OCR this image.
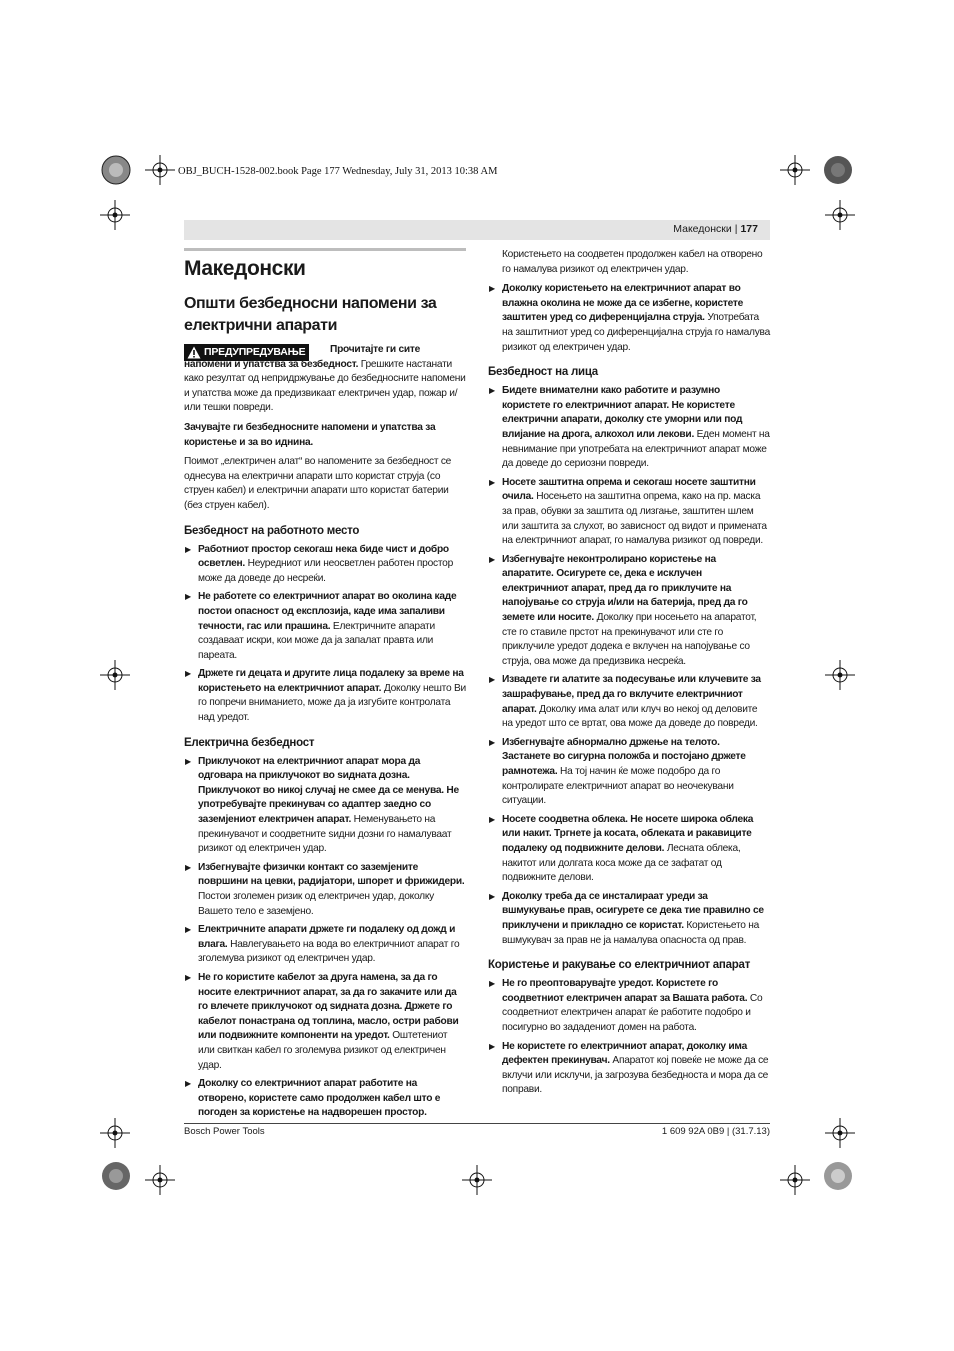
OBJ_BUCH-1528-002.book Page 177 Wednesday, July 31, 2013 10:38 AM
Македонски | 177
Македонски
Општи безбедносни напомени за електрични апарати
ПРЕДУПРЕДУВАЊЕ	Прочитајте ги сите напомени и упатства за безбедност. Грешките настанати како резултат од непридржување до безбедносните напомени и упатства може да предизвикаат електричен удар, пожар и/или тешки повреди.

Зачувајте ги безбедносните напомени и упатства за користење и за во иднина.

Поимот „електричен алат“ во напомените за безбедност се однесува на електрични апарати што користат струја (со струен кабел) и електрични апарати што користат батерии (без струен кабел).

Безбедност на работното место
▶ Работниот простор секогаш нека биде чист и добро осветлен. Неуредниот или неосветлен работен простор може да доведе до несреќи.
▶ Не работете со електричниот апарат во околина каде постои опасност од експлозија, каде има запаливи течности, гас или прашина. Електричните апарати создаваат искри, кои може да ја запалат правта или пареата.
▶ Држете ги децата и другите лица подалеку за време на користењето на електричниот апарат. Доколку нешто Ви го попречи вниманието, може да ја изгубите контролата над уредот.
Електрична безбедност
▶ Приклучокот на електричниот апарат мора да одговара на приклучокот во ѕидната дозна. Приклучокот во никој случај не смее да се менува. Не употребувајте прекинувач со адаптер заедно со заземјениот електричен апарат. Неменувањето на прекинувачот и соодветните ѕидни дозни го намалуваат ризикот од електричен удар.
▶ Избегнувајте физички контакт со заземјените површини на цевки, радијатори, шпорет и фрижидери. Постои зголемен ризик од електричен удар, доколку Вашето тело е заземјено.
▶ Електричните апарати држете ги подалеку од дожд и влага. Навлегувањето на вода во електричниот апарат го зголемува ризикот од електричен удар.
▶ Не го користите кабелот за друга намена, за да го носите електричниот апарат, за да го закачите или да го влечете приклучокот од ѕидната дозна. Држете го кабелот понастрана од топлина, масло, остри рабови или подвижните компоненти на уредот. Оштетениот или свиткан кабел го зголемува ризикот од електричен удар.
▶ Доколку со електричниот апарат работите на отворено, користете само продолжен кабел што е погоден за користење на надворешен простор.

Користењето на соодветен продолжен кабел на отворено го намалува ризикот од електричен удар.

▶ Доколку користењето на електричниот апарат во влажна околина не може да се избегне, користете заштитен уред со диференцијална струја. Употребата на заштитниот уред со диференцијална струја го намалува ризикот од електричен удар.
Безбедност на лица
▶ Бидете внимателни како работите и разумно користете го електричниот апарат. Не користете електрични апарати, доколку сте уморни или под влијание на дрога, алкохол или лекови. Еден момент на невнимание при употребата на електричниот апарат може да доведе до сериозни повреди.
▶ Носете заштитна опрема и секогаш носете заштитни очила. Носењето на заштитна опрема, како на пр. маска за прав, обувки за заштита од лизгање, заштитен шлем или заштита за слухот, во зависност од видот и примената на електричниот апарат, го намалува ризикот од повреди.
▶ Избегнувајте неконтролирано користење на апаратите. Осигурете се, дека е исклучен електричниот апарат, пред да го приклучите на напојување со струја и/или на батерија, пред да го земете или носите. Доколку при носењето на апаратот, сте го ставиле прстот на прекинувачот или сте го приклучиле уредот додека е вклучен на напојување со струја, ова може да предизвика несреќа.
▶ Извадете ги алатите за подесување или клучевите за зашрафување, пред да го вклучите електричниот апарат. Доколку има алат или клуч во некој од деловите на уредот што се вртат, ова може да доведе до повреди.
▶ Избегнувајте абнормално држење на телото. Застанете во сигурна положба и постојано држете рамнотежа. На тој начин ќе може подобро да го контролирате електричниот апарат во неочекувани ситуации.
▶ Носете соодветна облека. Не носете широка облека или накит. Тргнете ја косата, облеката и ракавиците подалеку од подвижните делови. Лесната облека, накитот или долгата коса може да се зафатат од подвижните делови.
▶ Доколку треба да се инсталираат уреди за вшмукување прав, осигурете се дека тие правилно се приклучени и прикладно се користат. Користењето на вшмукувач за прав не ја намалува опасноста од прав.
Користење и ракување со електричниот апарат
▶ Не го преоптоварувајте уредот. Користете го соодветниот електричен апарат за Вашата работа. Со соодветниот електричен апарат ќе работите подобро и посигурно во зададениот домен на работа.
▶ Не користете го електричниот апарат, доколку има дефектен прекинувач. Апаратот кој повеќе не може да се вклучи или исклучи, ја загрозува безбедноста и мора да се поправи.
Bosch Power Tools	1 609 92A 0B9 | (31.7.13)
